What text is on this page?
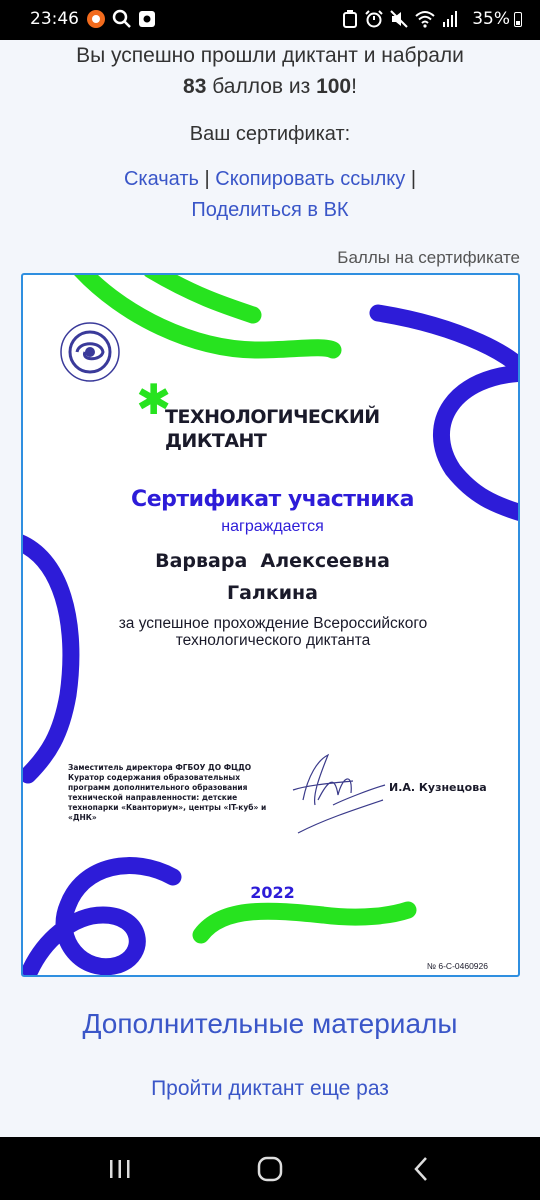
23:46	35%
Вы успешно прошли диктант и набрали
83 баллов из 100!
Ваш сертификат:
Скачать | Скопировать ссылку |
Поделиться в ВК
Баллы на сертификате
✱
ТЕХНОЛОГИЧЕСКИЙ
ДИКТАНТ
Сертификат участника
награждается
Варвара  Алексеевна
Галкина
за успешное прохождение Всероссийского технологического диктанта
Заместитель директора ФГБОУ ДО ФЦДО Куратор содержания образовательных программ дополнительного образования технической направленности: детские технопарки «Кванториум», центры «IT-куб» и «ДНК»
И.А. Кузнецова
2022
№ 6-С-0460926
Дополнительные материалы
Пройти диктант еще раз
